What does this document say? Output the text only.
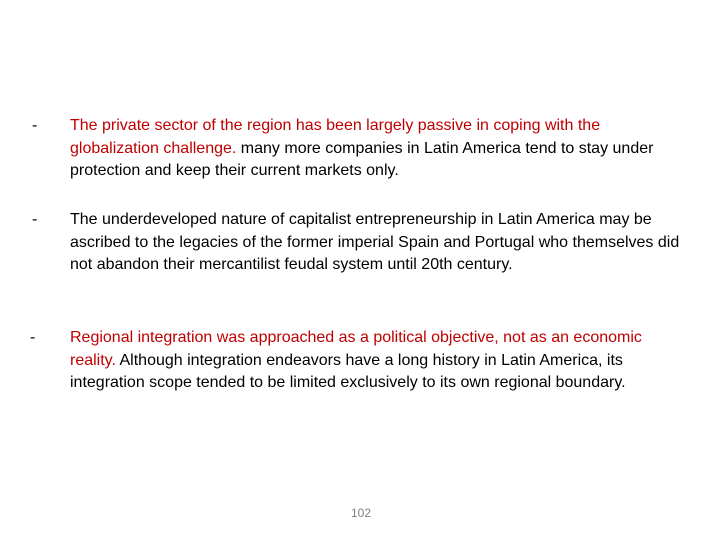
- The private sector of the region has been largely passive in coping with the globalization challenge. many more companies in Latin America tend to stay under protection and keep their current markets only.
- The underdeveloped nature of capitalist entrepreneurship in Latin America may be ascribed to the legacies of the former imperial Spain and Portugal who themselves did not abandon their mercantilist feudal system until 20th century.
- Regional integration was approached as a political objective, not as an economic reality. Although integration endeavors have a long history in Latin America, its integration scope tended to be limited exclusively to its own regional boundary.
102
